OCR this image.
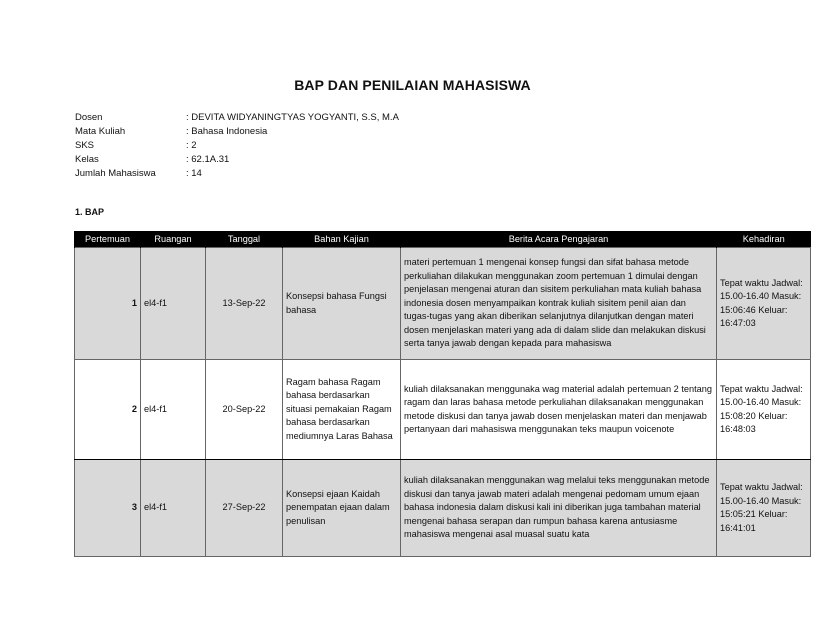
BAP DAN PENILAIAN MAHASISWA
Dosen	: DEVITA WIDYANINGTYAS YOGYANTI, S.S, M.A
Mata Kuliah	: Bahasa Indonesia
SKS	: 2
Kelas	: 62.1A.31
Jumlah Mahasiswa	: 14
1. BAP
Pertemuan	Ruangan	Tanggal	Bahan Kajian	Berita Acara Pengajaran	Kehadiran
1	el4-f1	13-Sep-22	Konsepsi bahasa Fungsi bahasa	materi pertemuan 1 mengenai konsep fungsi dan sifat bahasa metode perkuliahan dilakukan menggunakan zoom pertemuan 1 dimulai dengan penjelasan mengenai aturan dan sisitem perkuliahan mata kuliah bahasa indonesia dosen menyampaikan kontrak kuliah sisitem penil aian dan tugas-tugas yang akan diberikan selanjutnya dilanjutkan dengan materi dosen menjelaskan materi yang ada di dalam slide dan melakukan diskusi serta tanya jawab dengan kepada para mahasiswa	Tepat waktu Jadwal: 15.00-16.40 Masuk: 15:06:46 Keluar: 16:47:03
2	el4-f1	20-Sep-22	Ragam bahasa Ragam bahasa berdasarkan situasi pemakaian Ragam bahasa berdasarkan mediumnya Laras Bahasa	kuliah dilaksanakan menggunaka wag material adalah pertemuan 2 tentang ragam dan laras bahasa metode perkuliahan dilaksanakan menggunakan metode diskusi dan tanya jawab dosen menjelaskan materi dan menjawab pertanyaan dari mahasiswa menggunakan teks maupun voicenote	Tepat waktu Jadwal: 15.00-16.40 Masuk: 15:08:20 Keluar: 16:48:03
3	el4-f1	27-Sep-22	Konsepsi ejaan Kaidah penempatan ejaan dalam penulisan	kuliah dilaksanakan menggunakan wag melalui teks menggunakan metode diskusi dan tanya jawab materi adalah mengenai pedomam umum ejaan bahasa indonesia dalam diskusi kali ini diberikan juga tambahan material mengenai bahasa serapan dan rumpun bahasa karena antusiasme mahasiswa mengenai asal muasal suatu kata	Tepat waktu Jadwal: 15.00-16.40 Masuk: 15:05:21 Keluar: 16:41:01
